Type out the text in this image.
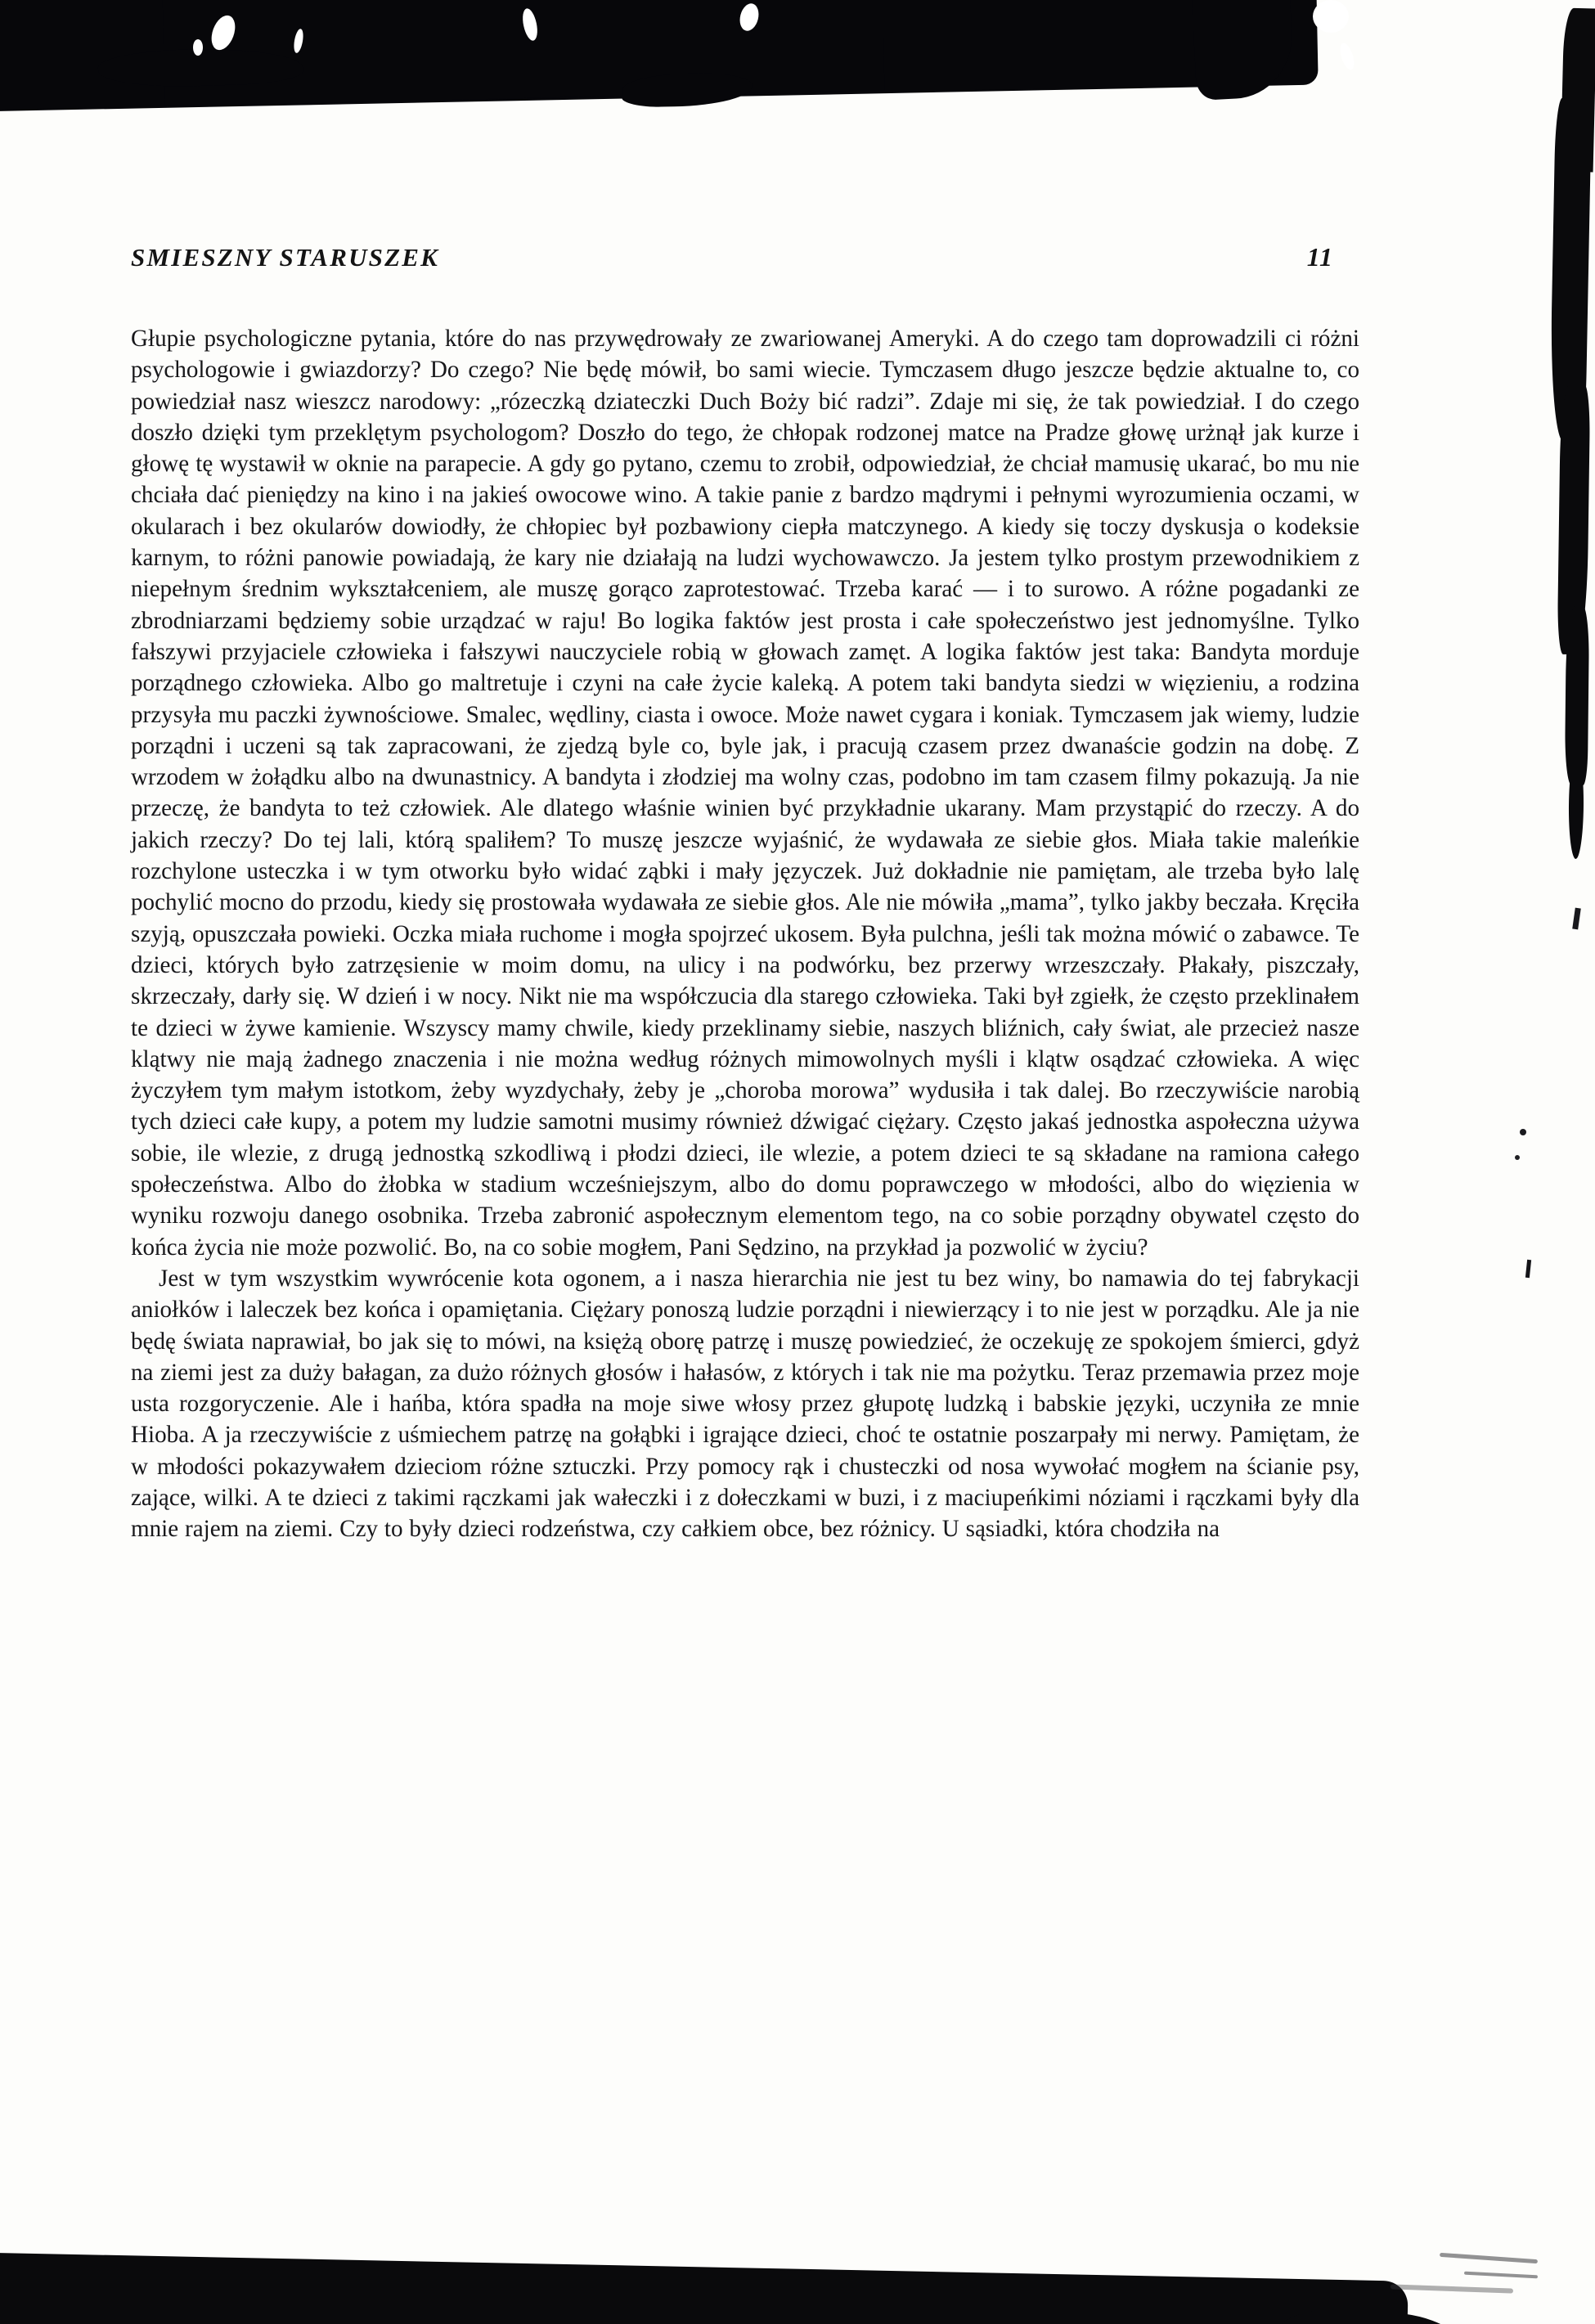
SMIESZNY STARUSZEK	11

Głupie psychologiczne pytania, które do nas przywędrowały ze zwariowanej Ameryki. A do czego tam doprowadzili ci różni psychologowie i gwiazdorzy? Do czego? Nie będę mówił, bo sami wiecie. Tymczasem długo jeszcze będzie aktualne to, co powiedział nasz wieszcz narodowy: „rózeczką dziateczki Duch Boży bić radzi”. Zdaje mi się, że tak powiedział. I do czego doszło dzięki tym przeklętym psychologom? Doszło do tego, że chłopak rodzonej matce na Pradze głowę urżnął jak kurze i głowę tę wystawił w oknie na parapecie. A gdy go pytano, czemu to zrobił, odpowiedział, że chciał mamusię ukarać, bo mu nie chciała dać pieniędzy na kino i na jakieś owocowe wino. A takie panie z bardzo mądrymi i pełnymi wyrozumienia oczami, w okularach i bez okularów dowiodły, że chłopiec był pozbawiony ciepła matczynego. A kiedy się toczy dyskusja o kodeksie karnym, to różni panowie powiadają, że kary nie działają na ludzi wychowawczo. Ja jestem tylko prostym przewodnikiem z niepełnym średnim wykształceniem, ale muszę gorąco zaprotestować. Trzeba karać — i to surowo. A różne pogadanki ze zbrodniarzami będziemy sobie urządzać w raju! Bo logika faktów jest prosta i całe społeczeństwo jest jednomyślne. Tylko fałszywi przyjaciele człowieka i fałszywi nauczyciele robią w głowach zamęt. A logika faktów jest taka: Bandyta morduje porządnego człowieka. Albo go maltretuje i czyni na całe życie kaleką. A potem taki bandyta siedzi w więzieniu, a rodzina przysyła mu paczki żywnościowe. Smalec, wędliny, ciasta i owoce. Może nawet cygara i koniak. Tymczasem jak wiemy, ludzie porządni i uczeni są tak zapracowani, że zjedzą byle co, byle jak, i pracują czasem przez dwanaście godzin na dobę. Z wrzodem w żołądku albo na dwunastnicy. A bandyta i złodziej ma wolny czas, podobno im tam czasem filmy pokazują. Ja nie przeczę, że bandyta to też człowiek. Ale dlatego właśnie winien być przykładnie ukarany. Mam przystąpić do rzeczy. A do jakich rzeczy? Do tej lali, którą spaliłem? To muszę jeszcze wyjaśnić, że wydawała ze siebie głos. Miała takie maleńkie rozchylone usteczka i w tym otworku było widać ząbki i mały języczek. Już dokładnie nie pamiętam, ale trzeba było lalę pochylić mocno do przodu, kiedy się prostowała wydawała ze siebie głos. Ale nie mówiła „mama”, tylko jakby beczała. Kręciła szyją, opuszczała powieki. Oczka miała ruchome i mogła spojrzeć ukosem. Była pulchna, jeśli tak można mówić o zabawce. Te dzieci, których było zatrzęsienie w moim domu, na ulicy i na podwórku, bez przerwy wrzeszczały. Płakały, piszczały, skrzeczały, darły się. W dzień i w nocy. Nikt nie ma współczucia dla starego człowieka. Taki był zgiełk, że często przeklinałem te dzieci w żywe kamienie. Wszyscy mamy chwile, kiedy przeklinamy siebie, naszych bliźnich, cały świat, ale przecież nasze klątwy nie mają żadnego znaczenia i nie można według różnych mimowolnych myśli i klątw osądzać człowieka. A więc życzyłem tym małym istotkom, żeby wyzdychały, żeby je „choroba morowa” wydusiła i tak dalej. Bo rzeczywiście narobią tych dzieci całe kupy, a potem my ludzie samotni musimy również dźwigać ciężary. Często jakaś jednostka aspołeczna używa sobie, ile wlezie, z drugą jednostką szkodliwą i płodzi dzieci, ile wlezie, a potem dzieci te są składane na ramiona całego społeczeństwa. Albo do żłobka w stadium wcześniejszym, albo do domu poprawczego w młodości, albo do więzienia w wyniku rozwoju danego osobnika. Trzeba zabronić aspołecznym elementom tego, na co sobie porządny obywatel często do końca życia nie może pozwolić. Bo, na co sobie mogłem, Pani Sędzino, na przykład ja pozwolić w życiu?

Jest w tym wszystkim wywrócenie kota ogonem, a i nasza hierarchia nie jest tu bez winy, bo namawia do tej fabrykacji aniołków i laleczek bez końca i opamiętania. Ciężary ponoszą ludzie porządni i niewierzący i to nie jest w porządku. Ale ja nie będę świata naprawiał, bo jak się to mówi, na księżą oborę patrzę i muszę powiedzieć, że oczekuję ze spokojem śmierci, gdyż na ziemi jest za duży bałagan, za dużo różnych głosów i hałasów, z których i tak nie ma pożytku. Teraz przemawia przez moje usta rozgoryczenie. Ale i hańba, która spadła na moje siwe włosy przez głupotę ludzką i babskie języki, uczyniła ze mnie Hioba. A ja rzeczywiście z uśmiechem patrzę na gołąbki i igrające dzieci, choć te ostatnie poszarpały mi nerwy. Pamiętam, że w młodości pokazywałem dzieciom różne sztuczki. Przy pomocy rąk i chusteczki od nosa wywołać mogłem na ścianie psy, zające, wilki. A te dzieci z takimi rączkami jak wałeczki i z dołeczkami w buzi, i z maciupeńkimi nóziami i rączkami były dla mnie rajem na ziemi. Czy to były dzieci rodzeństwa, czy całkiem obce, bez różnicy. U sąsiadki, która chodziła na
